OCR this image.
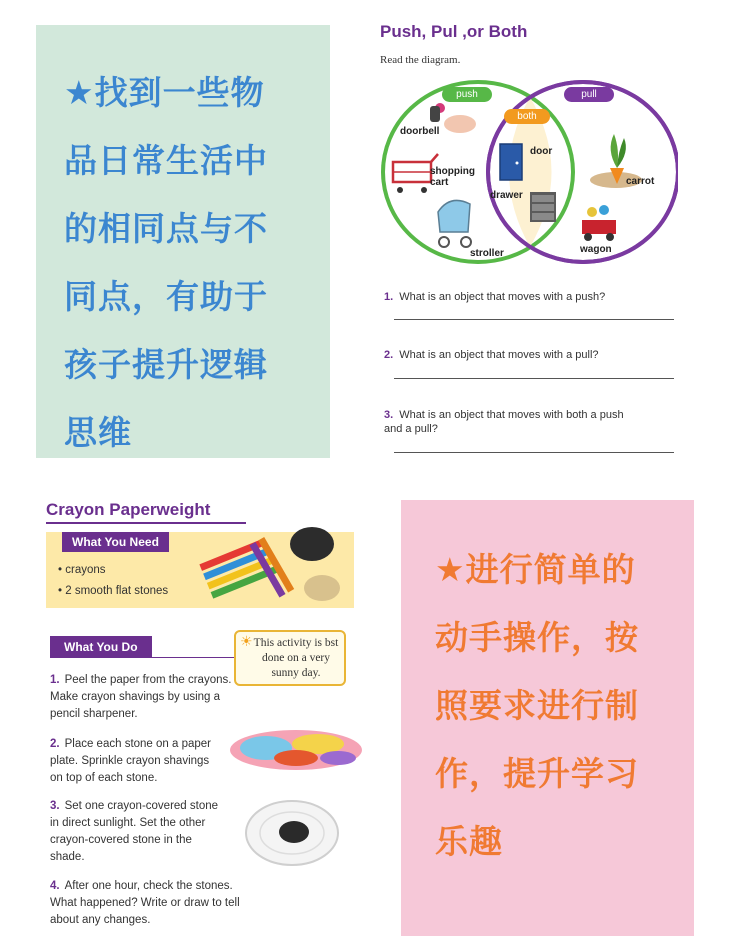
★找到一些物
品日常生活中
的相同点与不
同点，有助于
孩子提升逻辑
思维
Push, Pul ,or Both
Read the diagram.
push
both
pull
doorbell
shopping
cart
stroller
door
drawer
carrot
wagon
1. What is an object that moves with a push?
2. What is an object that moves with a pull?
3. What is an object that moves with both a push and a pull?
Crayon Paperweight
What You Need
• crayons
• 2 smooth flat stones
What You Do	☀ This activity is bst done on a very sunny day.
1. Peel the paper from the crayons. Make crayon shavings by using a pencil sharpener.
2. Place each stone on a paper plate. Sprinkle crayon shavings on top of each stone.
3. Set one crayon-covered stone in direct sunlight. Set the other crayon-covered stone in the shade.
4. After one hour, check the stones. What happened? Write or draw to tell about any changes.
★进行简单的
动手操作，按
照要求进行制
作，提升学习
乐趣
